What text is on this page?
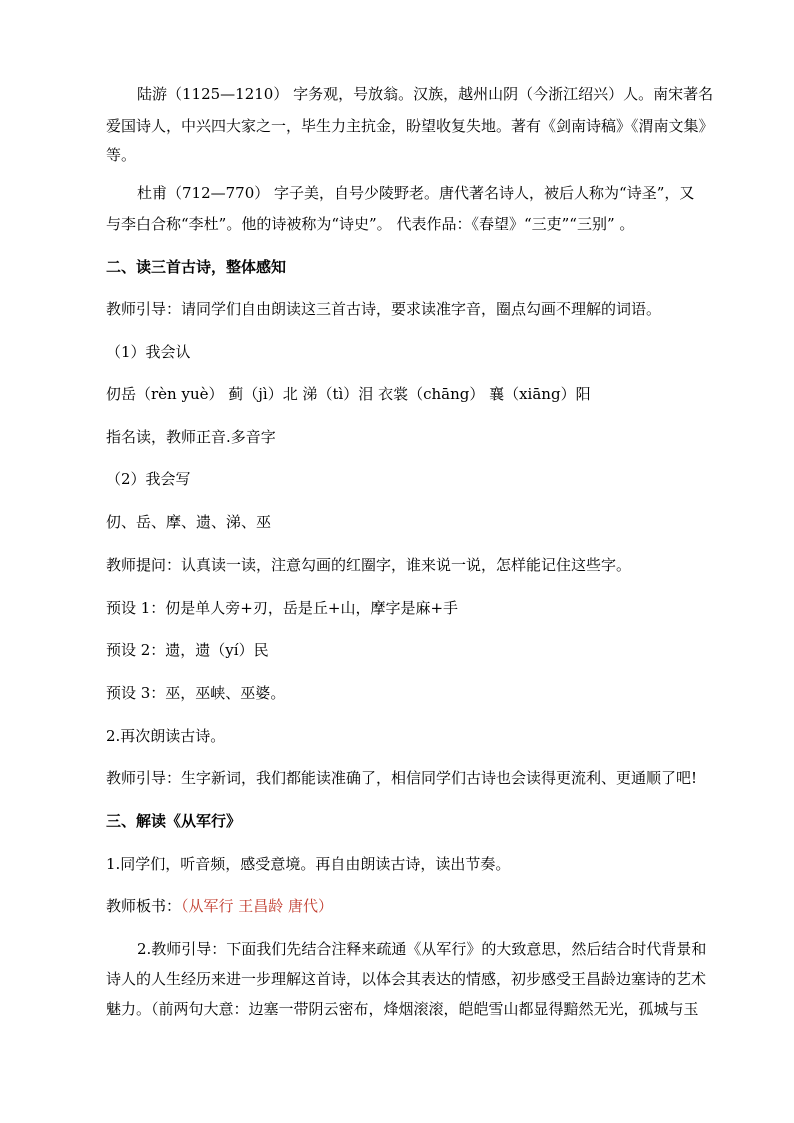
陆游（1125—1210） 字务观，号放翁。汉族，越州山阴（今浙江绍兴）人。南宋著名
爱国诗人，中兴四大家之一，毕生力主抗金，盼望收复失地。著有《剑南诗稿》《渭南文集》
等。
杜甫（712—770） 字子美，自号少陵野老。唐代著名诗人，被后人称为“诗圣”，又
与李白合称“李杜”。他的诗被称为“诗史”。 代表作品：《春望》“三吏”“三别” 。
二、读三首古诗，整体感知
教师引导：请同学们自由朗读这三首古诗，要求读准字音，圈点勾画不理解的词语。
（1）我会认
仞岳（rèn yuè） 蓟（jì）北 涕（tì）泪 衣裳（chāng） 襄（xiāng）阳
指名读，教师正音.多音字
（2）我会写
仞、岳、摩、遗、涕、巫
教师提问：认真读一读，注意勾画的红圈字，谁来说一说，怎样能记住这些字。
预设 1：仞是单人旁+刃，岳是丘+山，摩字是麻+手
预设 2：遗，遗（yí）民
预设 3：巫，巫峡、巫婆。
2.再次朗读古诗。
教师引导：生字新词，我们都能读准确了，相信同学们古诗也会读得更流利、更通顺了吧!
三、解读《从军行》
1.同学们，听音频，感受意境。再自由朗读古诗，读出节奏。
教师板书：（从军行 王昌龄 唐代）
2.教师引导：下面我们先结合注释来疏通《从军行》的大致意思，然后结合时代背景和
诗人的人生经历来进一步理解这首诗，以体会其表达的情感，初步感受王昌龄边塞诗的艺术
魅力。（前两句大意：边塞一带阴云密布，烽烟滚滚，皑皑雪山都显得黯然无光，孤城与玉
